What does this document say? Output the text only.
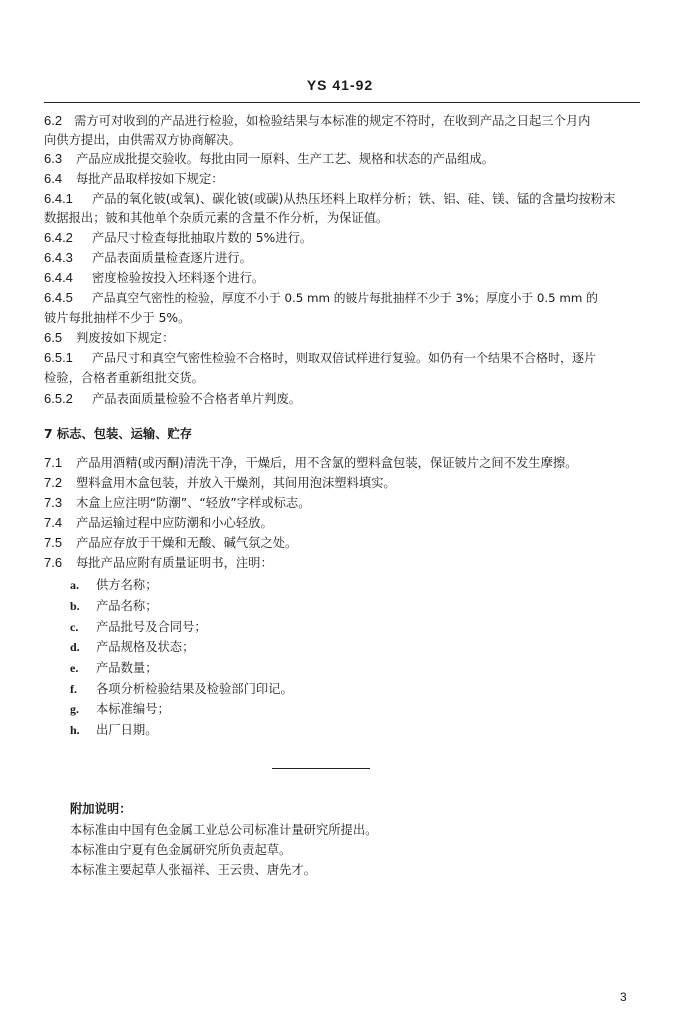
YS 41-92
6.2 需方可对收到的产品进行检验，如检验结果与本标准的规定不符时，在收到产品之日起三个月内
向供方提出，由供需双方协商解决。
6.3 产品应成批提交验收。每批由同一原料、生产工艺、规格和状态的产品组成。
6.4 每批产品取样按如下规定：
6.4.1 产品的氧化铍(或氧)、碳化铍(或碳)从热压坯料上取样分析；铁、铝、硅、镁、锰的含量均按粉末
数据报出；铍和其他单个杂质元素的含量不作分析，为保证值。
6.4.2 产品尺寸检查每批抽取片数的 5%进行。
6.4.3 产品表面质量检查逐片进行。
6.4.4 密度检验按投入坯料逐个进行。
6.4.5 产品真空气密性的检验，厚度不小于 0.5 mm 的铍片每批抽样不少于 3%；厚度小于 0.5 mm 的
铍片每批抽样不少于 5%。
6.5 判废按如下规定：
6.5.1 产品尺寸和真空气密性检验不合格时，则取双倍试样进行复验。如仍有一个结果不合格时，逐片
检验，合格者重新组批交货。
6.5.2 产品表面质量检验不合格者单片判废。
7 标志、包装、运输、贮存
7.1 产品用酒精(或丙酮)清洗干净，干燥后，用不含氯的塑料盒包装，保证铍片之间不发生摩擦。
7.2 塑料盒用木盒包装，并放入干燥剂，其间用泡沫塑料填实。
7.3 木盒上应注明“防潮”、“轻放”字样或标志。
7.4 产品运输过程中应防潮和小心轻放。
7.5 产品应存放于干燥和无酸、碱气氛之处。
7.6 每批产品应附有质量证明书，注明：
a. 供方名称；
b. 产品名称；
c. 产品批号及合同号；
d. 产品规格及状态；
e. 产品数量；
f. 各项分析检验结果及检验部门印记。
g. 本标准编号；
h. 出厂日期。
附加说明：
本标准由中国有色金属工业总公司标准计量研究所提出。
本标准由宁夏有色金属研究所负责起草。
本标准主要起草人张福祥、王云贵、唐先才。
3
